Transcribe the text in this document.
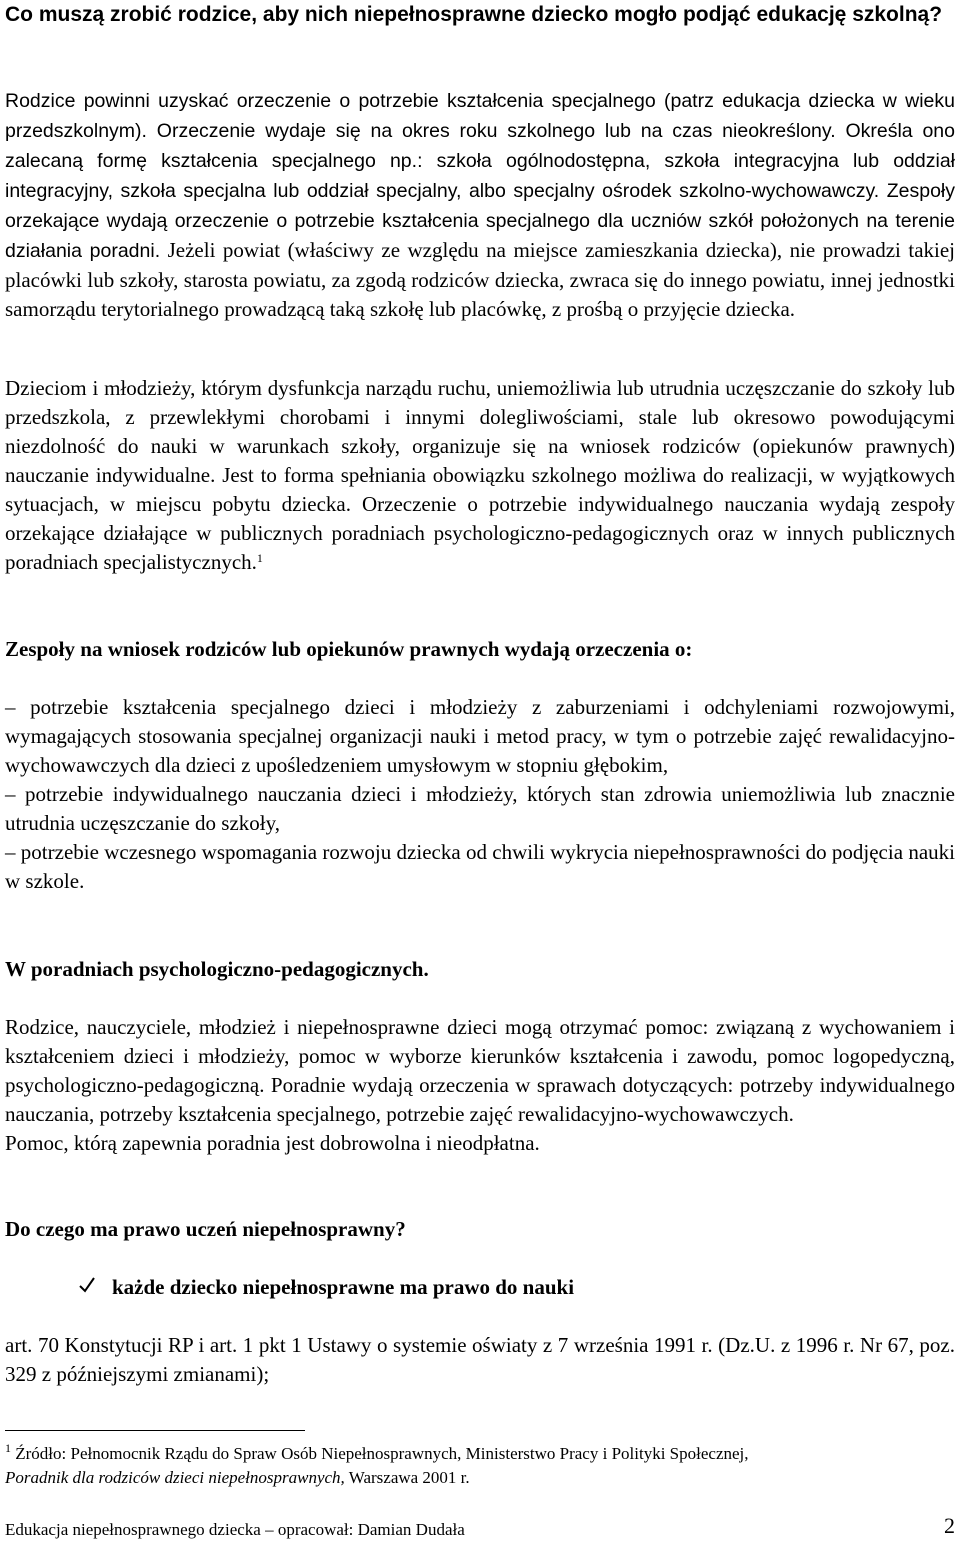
Co muszą zrobić rodzice, aby nich niepełnosprawne dziecko mogło podjąć edukację szkolną?

Rodzice powinni uzyskać orzeczenie o potrzebie kształcenia specjalnego (patrz edukacja dziecka w wieku przedszkolnym). Orzeczenie wydaje się na okres roku szkolnego lub na czas nieokreślony. Określa ono zalecaną formę kształcenia specjalnego np.: szkoła ogólnodostępna, szkoła integracyjna lub oddział integracyjny, szkoła specjalna lub oddział specjalny, albo specjalny ośrodek szkolno-wychowawczy. Zespoły orzekające wydają orzeczenie o potrzebie kształcenia specjalnego dla uczniów szkół położonych na terenie działania poradni. Jeżeli powiat (właściwy ze względu na miejsce zamieszkania dziecka), nie prowadzi takiej placówki lub szkoły, starosta powiatu, za zgodą rodziców dziecka, zwraca się do innego powiatu, innej jednostki samorządu terytorialnego prowadzącą taką szkołę lub placówkę, z prośbą o przyjęcie dziecka.

Dzieciom i młodzieży, którym dysfunkcja narządu ruchu, uniemożliwia lub utrudnia uczęszczanie do szkoły lub przedszkola, z przewlekłymi chorobami i innymi dolegliwościami, stale lub okresowo powodującymi niezdolność do nauki w warunkach szkoły, organizuje się na wniosek rodziców (opiekunów prawnych) nauczanie indywidualne. Jest to forma spełniania obowiązku szkolnego możliwa do realizacji, w wyjątkowych sytuacjach, w miejscu pobytu dziecka. Orzeczenie o potrzebie indywidualnego nauczania wydają zespoły orzekające działające w publicznych poradniach psychologiczno-pedagogicznych oraz w innych publicznych poradniach specjalistycznych.$^1$

Zespoły na wniosek rodziców lub opiekunów prawnych wydają orzeczenia o:

– potrzebie kształcenia specjalnego dzieci i młodzieży z zaburzeniami i odchyleniami rozwojowymi, wymagających stosowania specjalnej organizacji nauki i metod pracy, w tym o potrzebie zajęć rewalidacyjno-wychowawczych dla dzieci z upośledzeniem umysłowym w stopniu głębokim,

– potrzebie indywidualnego nauczania dzieci i młodzieży, których stan zdrowia uniemożliwia lub znacznie utrudnia uczęszczanie do szkoły,

– potrzebie wczesnego wspomagania rozwoju dziecka od chwili wykrycia niepełnosprawności do podjęcia nauki w szkole.

W poradniach psychologiczno-pedagogicznych.

Rodzice, nauczyciele, młodzież i niepełnosprawne dzieci mogą otrzymać pomoc: związaną z wychowaniem i kształceniem dzieci i młodzieży, pomoc w wyborze kierunków kształcenia i zawodu, pomoc logopedyczną, psychologiczno-pedagogiczną. Poradnie wydają orzeczenia w sprawach dotyczących: potrzeby indywidualnego nauczania, potrzeby kształcenia specjalnego, potrzebie zajęć rewalidacyjno-wychowawczych.

Pomoc, którą zapewnia poradnia jest dobrowolna i nieodpłatna.

Do czego ma prawo uczeń niepełnosprawny?
każde dziecko niepełnosprawne ma prawo do nauki

art. 70 Konstytucji RP i art. 1 pkt 1 Ustawy o systemie oświaty z 7 września 1991 r. (Dz.U. z 1996 r. Nr 67, poz. 329 z późniejszymi zmianami);

$^1$ Źródło: Pełnomocnik Rządu do Spraw Osób Niepełnosprawnych, Ministerstwo Pracy i Polityki Społecznej,
Poradnik dla rodziców dzieci niepełnosprawnych, Warszawa 2001 r.
Edukacja niepełnosprawnego dziecka – opracował: Damian Dudała	2
